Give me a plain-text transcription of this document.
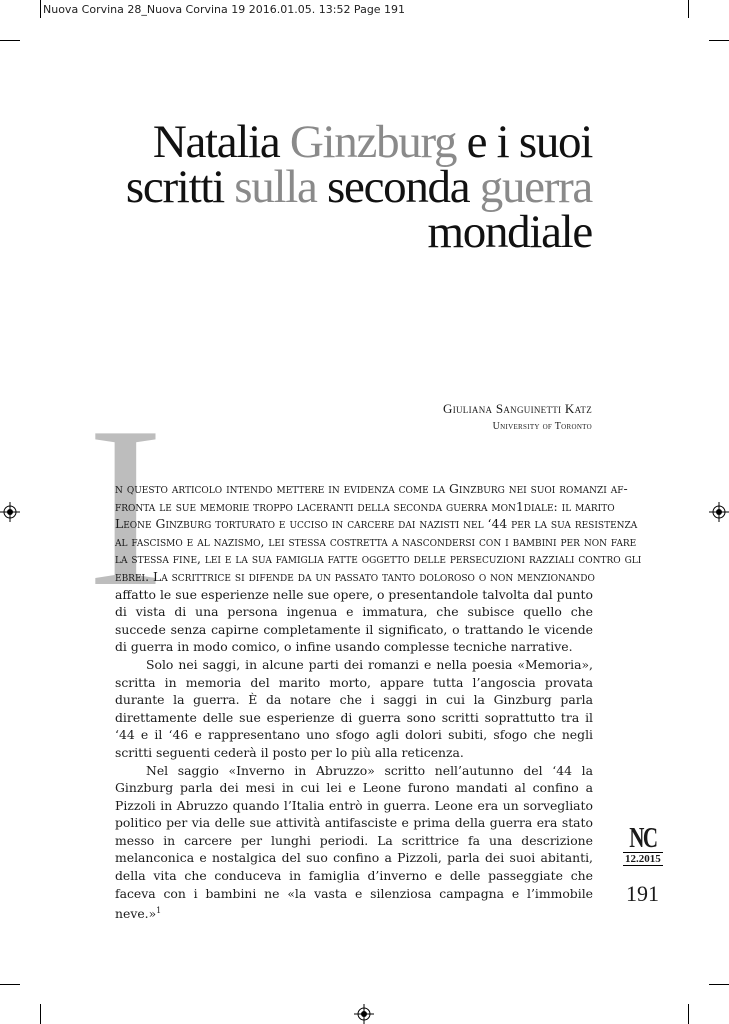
Nuova Corvina 28_Nuova Corvina 19 2016.01.05. 13:52 Page 191
Natalia Ginzburg e i suoi
scritti sulla seconda guerra
mondiale
Giuliana Sanguinetti Katz
University of Toronto
I
n questo articolo intendo mettere in evidenza come la Ginzburg nei suoi romanzi af-
fronta le sue memorie troppo laceranti della seconda guerra mon1diale: il marito
Leone Ginzburg torturato e ucciso in carcere dai nazisti nel ‘44 per la sua resistenza
al fascismo e al nazismo, lei stessa costretta a nascondersi con i bambini per non fare
la stessa fine, lei e la sua famiglia fatte oggetto delle persecuzioni razziali contro gli
ebrei. La scrittrice si difende da un passato tanto doloroso o non menzionando

affatto le sue esperienze nelle sue opere, o presentandole talvolta dal punto di vista di una persona ingenua e immatura, che subisce quello che succede senza capirne completamente il significato, o trattando le vicende di guerra in modo comico, o infine usando complesse tecniche narrative.

Solo nei saggi, in alcune parti dei romanzi e nella poesia «Memoria», scritta in memoria del marito morto, appare tutta l’angoscia provata durante la guerra. È da notare che i saggi in cui la Ginzburg parla direttamente delle sue esperienze di guerra sono scritti soprattutto tra il ‘44 e il ‘46 e rappresentano uno sfogo agli dolori subiti, sfogo che negli scritti seguenti cederà il posto per lo più alla reticenza.

Nel saggio «Inverno in Abruzzo» scritto nell’autunno del ‘44 la Ginzburg parla dei mesi in cui lei e Leone furono mandati al confino a Pizzoli in Abruzzo quando l’Italia entrò in guerra. Leone era un sorvegliato politico per via delle sue attività antifasciste e prima della guerra era stato messo in carcere per lunghi periodi. La scrittrice fa una descrizione melanconica e nostalgica del suo confino a Pizzoli, parla dei suoi abitanti, della vita che conduceva in famiglia d’inverno e delle passeggiate che faceva con i bambini ne «la vasta e silenziosa campagna e l’immobile neve.»$^1$

NC
12.2015
191
